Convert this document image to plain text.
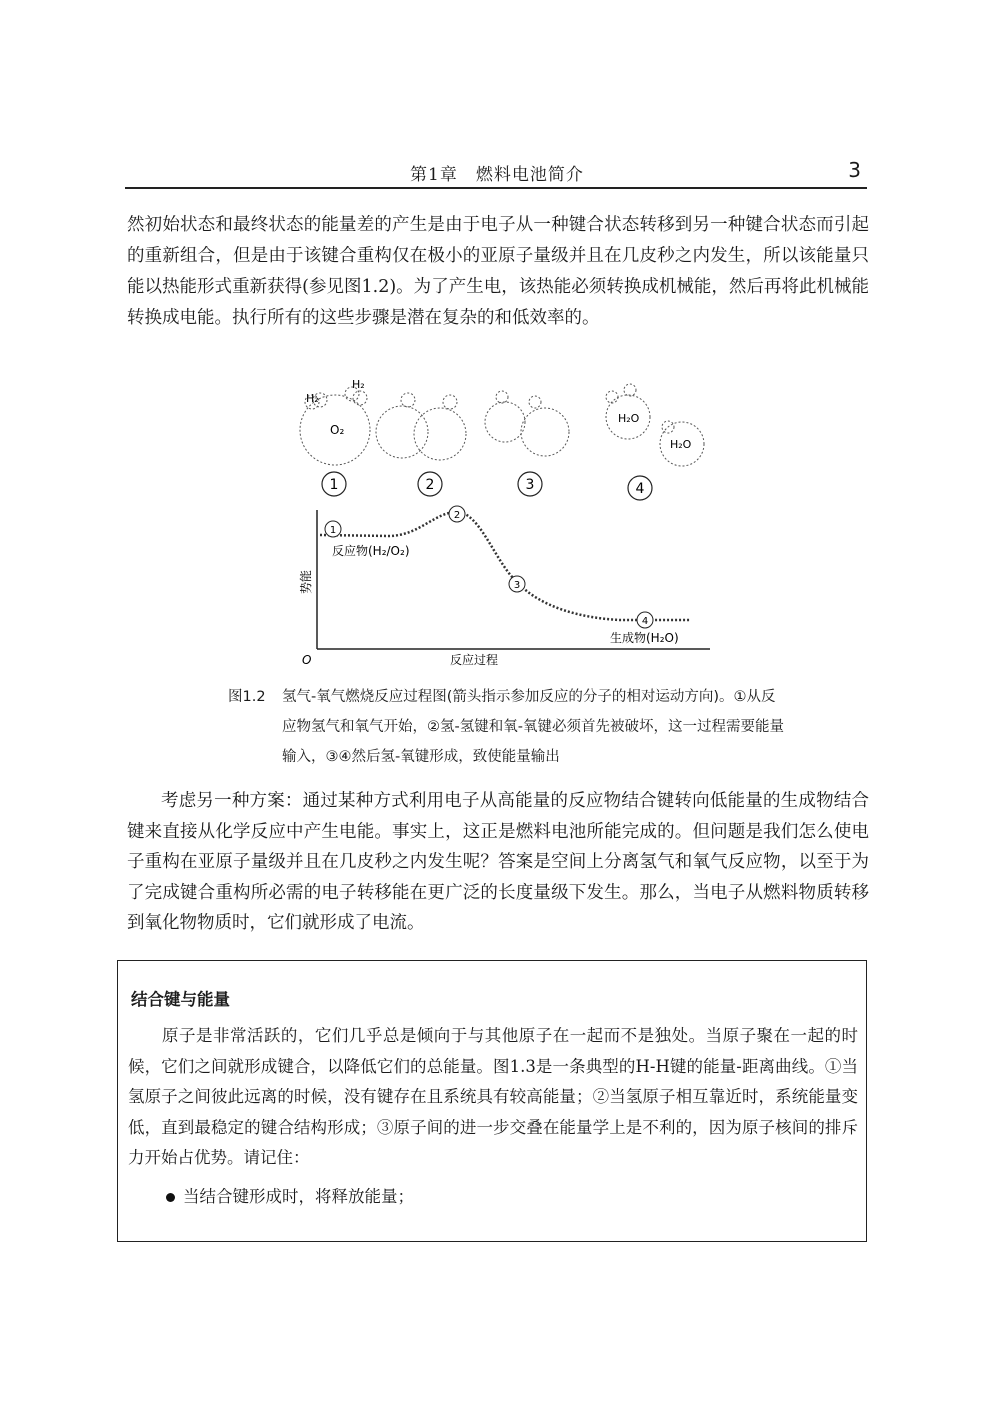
第1章　燃料电池简介	3
然初始状态和最终状态的能量差的产生是由于电子从一种键合状态转移到另一种键合状态而引起的重新组合，但是由于该键合重构仅在极小的亚原子量级并且在几皮秒之内发生，所以该能量只能以热能形式重新获得(参见图1.2)。为了产生电，该热能必须转换成机械能，然后再将此机械能转换成电能。执行所有的这些步骤是潜在复杂的和低效率的。
H₂
H₂
O₂
H₂O
H₂O
1	2	3	4
1
2
3
4
反应物(H₂/O₂)
生成物(H₂O)
势能
反应过程
O
图1.2 氢气-氧气燃烧反应过程图(箭头指示参加反应的分子的相对运动方向)。①从反应物氢气和氧气开始，②氢-氢键和氧-氧键必须首先被破坏，这一过程需要能量输入，③④然后氢-氧键形成，致使能量输出
考虑另一种方案：通过某种方式利用电子从高能量的反应物结合键转向低能量的生成物结合键来直接从化学反应中产生电能。事实上，这正是燃料电池所能完成的。但问题是我们怎么使电子重构在亚原子量级并且在几皮秒之内发生呢？答案是空间上分离氢气和氧气反应物，以至于为了完成键合重构所必需的电子转移能在更广泛的长度量级下发生。那么，当电子从燃料物质转移到氧化物物质时，它们就形成了电流。
结合键与能量
原子是非常活跃的，它们几乎总是倾向于与其他原子在一起而不是独处。当原子聚在一起的时候，它们之间就形成键合，以降低它们的总能量。图1.3是一条典型的H-H键的能量-距离曲线。①当氢原子之间彼此远离的时候，没有键存在且系统具有较高能量；②当氢原子相互靠近时，系统能量变低，直到最稳定的键合结构形成；③原子间的进一步交叠在能量学上是不利的，因为原子核间的排斥力开始占优势。请记住：
当结合键形成时，将释放能量；
